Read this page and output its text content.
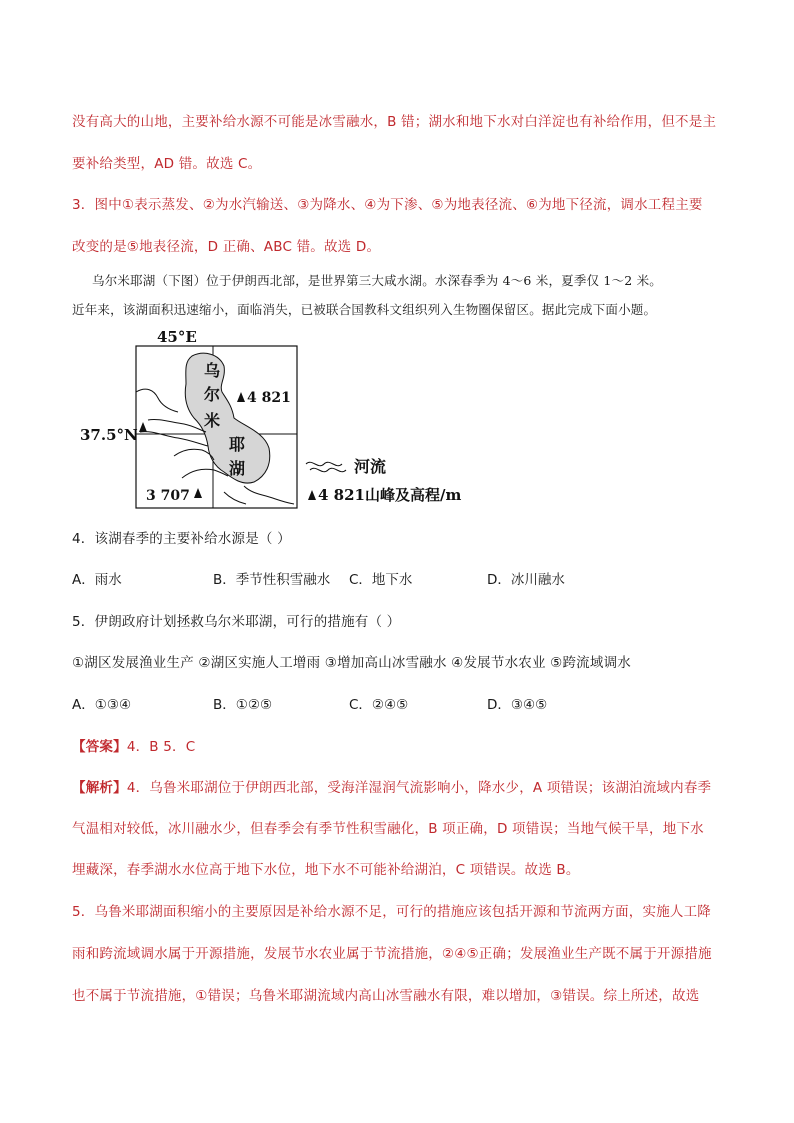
没有高大的山地，主要补给水源不可能是冰雪融水，B 错；湖水和地下水对白洋淀也有补给作用，但不是主
要补给类型，AD 错。故选 C。
3．图中①表示蒸发、②为水汽输送、③为降水、④为下渗、⑤为地表径流、⑥为地下径流，调水工程主要
改变的是⑤地表径流，D 正确、ABC 错。故选 D。
乌尔米耶湖（下图）位于伊朗西北部，是世界第三大咸水湖。水深春季为 4～6 米，夏季仅 1～2 米。
近年来，该湖面积迅速缩小，面临消失，已被联合国教科文组织列入生物圈保留区。据此完成下面小题。
乌
尔
米
耶
湖
45°E
37.5°N
4 821
3 707
河流
4 821山峰及高程/m
4．该湖春季的主要补给水源是（ ）
A．雨水	B．季节性积雪融水 C．地下水	D．冰川融水
5．伊朗政府计划拯救乌尔米耶湖，可行的措施有（ ）
①湖区发展渔业生产 ②湖区实施人工增雨 ③增加高山冰雪融水 ④发展节水农业 ⑤跨流域调水
A．①③④	B．①②⑤	C．②④⑤	D．③④⑤
【答案】4．B 5．C
【解析】4．乌鲁米耶湖位于伊朗西北部，受海洋湿润气流影响小，降水少，A 项错误；该湖泊流域内春季
气温相对较低，冰川融水少，但春季会有季节性积雪融化，B 项正确，D 项错误；当地气候干旱，地下水
埋藏深，春季湖水水位高于地下水位，地下水不可能补给湖泊，C 项错误。故选 B。
5．乌鲁米耶湖面积缩小的主要原因是补给水源不足，可行的措施应该包括开源和节流两方面，实施人工降
雨和跨流域调水属于开源措施，发展节水农业属于节流措施，②④⑤正确；发展渔业生产既不属于开源措施
也不属于节流措施，①错误；乌鲁米耶湖流域内高山冰雪融水有限，难以增加，③错误。综上所述，故选
